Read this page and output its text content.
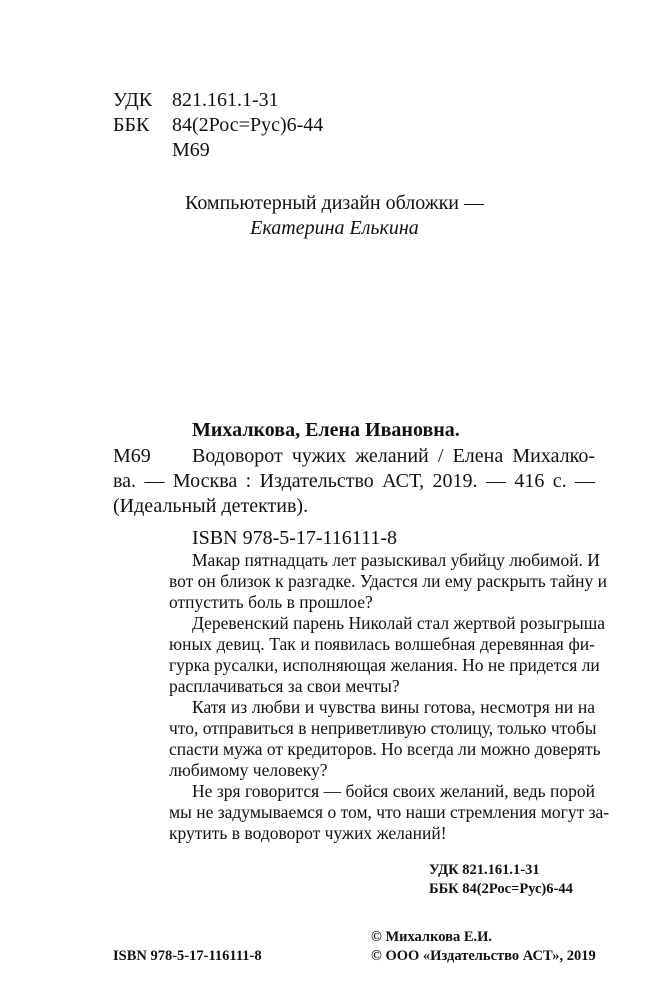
УДК 821.161.1-31
ББК 84(2Рос=Рус)6-44
М69
Компьютерный дизайн обложки —
Екатерина Елькина
Михалкова, Елена Ивановна.
М69 Водоворот чужих желаний / Елена Михалко-
ва. — Москва : Издательство АСТ, 2019. — 416 с. —
(Идеальный детектив).
ISBN 978-5-17-116111-8
Макар пятнадцать лет разыскивал убийцу любимой. И
вот он близок к разгадке. Удастся ли ему раскрыть тайну и
отпустить боль в прошлое?
Деревенский парень Николай стал жертвой розыгрыша
юных девиц. Так и появилась волшебная деревянная фи-
гурка русалки, исполняющая желания. Но не придется ли
расплачиваться за свои мечты?
Катя из любви и чувства вины готова, несмотря ни на
что, отправиться в неприветливую столицу, только чтобы
спасти мужа от кредиторов. Но всегда ли можно доверять
любимому человеку?
Не зря говорится — бойся своих желаний, ведь порой
мы не задумываемся о том, что наши стремления могут за-
крутить в водоворот чужих желаний!
УДК 821.161.1-31
ББК 84(2Рос=Рус)6-44
© Михалкова Е.И.
ISBN 978-5-17-116111-8	© ООО «Издательство АСТ», 2019
